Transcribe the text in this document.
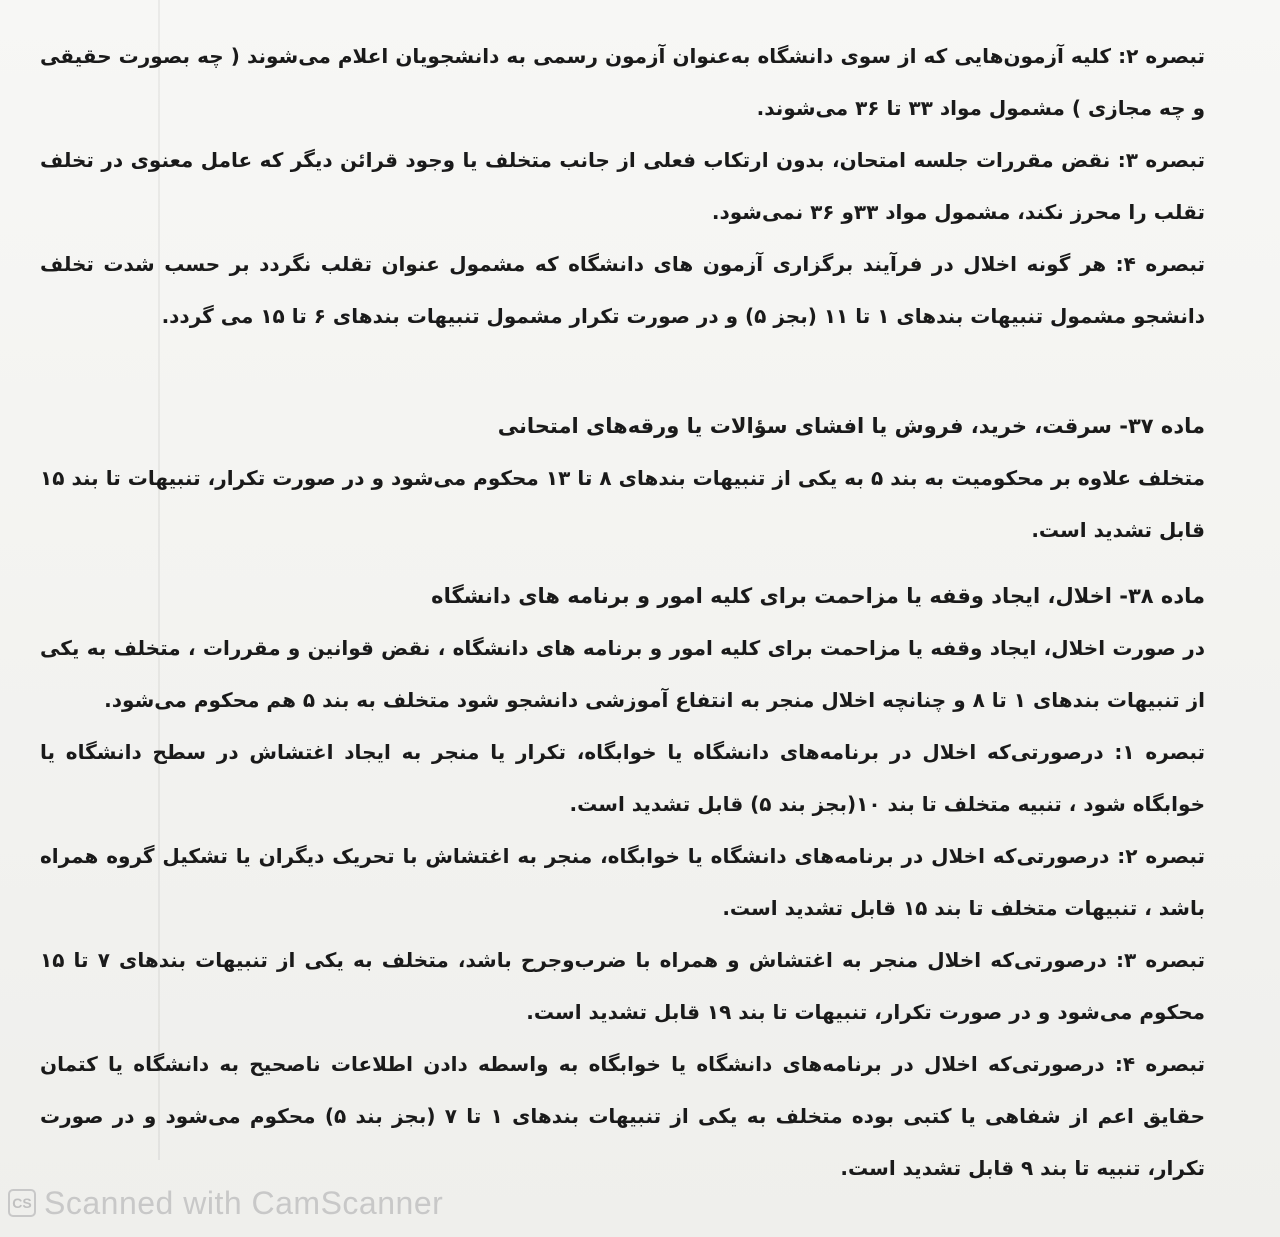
تبصره ۲: کلیه آزمون‌هایی که از سوی دانشگاه به‌عنوان آزمون رسمی به دانشجویان اعلام می‌شوند ( چه بصورت حقیقی و چه مجازی ) مشمول مواد ۳۳ تا ۳۶ می‌شوند.

تبصره ۳: نقض مقررات جلسه امتحان، بدون ارتکاب فعلی از جانب متخلف یا وجود قرائن دیگر که عامل معنوی در تخلف تقلب را محرز نکند، مشمول مواد ۳۳و ۳۶ نمی‌شود.

تبصره ۴: هر گونه اخلال در فرآیند برگزاری آزمون های دانشگاه که مشمول عنوان تقلب نگردد بر حسب شدت تخلف دانشجو مشمول تنبیهات بندهای ۱ تا ۱۱ (بجز ۵) و در صورت تکرار مشمول تنبیهات بندهای ۶ تا ۱۵ می گردد.

ماده ۳۷- سرقت، خرید، فروش یا افشای سؤالات یا ورقه‌های امتحانی

متخلف علاوه بر محکومیت به بند ۵ به یکی از تنبیهات بندهای ۸ تا ۱۳ محکوم می‌شود و در صورت تکرار، تنبیهات تا بند ۱۵ قابل تشدید است.

ماده ۳۸- اخلال، ایجاد وقفه یا مزاحمت برای کلیه امور و برنامه های دانشگاه

در صورت اخلال، ایجاد وقفه یا مزاحمت برای کلیه امور و برنامه های دانشگاه ، نقض قوانین و مقررات ، متخلف به یکی از تنبیهات بندهای ۱ تا ۸ و چنانچه اخلال منجر به انتفاع آموزشی دانشجو شود متخلف به بند ۵ هم محکوم می‌شود.

تبصره ۱: درصورتی‌که اخلال در برنامه‌های دانشگاه یا خوابگاه، تکرار یا منجر به ایجاد اغتشاش در سطح دانشگاه یا خوابگاه شود ، تنبیه متخلف تا بند ۱۰(بجز بند ۵) قابل تشدید است.

تبصره ۲: درصورتی‌که اخلال در برنامه‌های دانشگاه یا خوابگاه، منجر به اغتشاش با تحریک دیگران یا تشکیل گروه همراه باشد ، تنبیهات متخلف تا بند ۱۵ قابل تشدید است.

تبصره ۳: درصورتی‌که اخلال منجر به اغتشاش و همراه با ضرب‌وجرح باشد، متخلف به یکی از تنبیهات بندهای ۷ تا ۱۵ محکوم می‌شود و در صورت تکرار، تنبیهات تا بند ۱۹ قابل تشدید است.

تبصره ۴: درصورتی‌که اخلال در برنامه‌های دانشگاه یا خوابگاه به واسطه دادن اطلاعات ناصحیح به دانشگاه یا کتمان حقایق اعم از شفاهی یا کتبی بوده متخلف به یکی از تنبیهات بندهای ۱ تا ۷ (بجز بند ۵) محکوم می‌شود و در صورت تکرار، تنبیه تا بند ۹ قابل تشدید است.

CS Scanned with CamScanner
